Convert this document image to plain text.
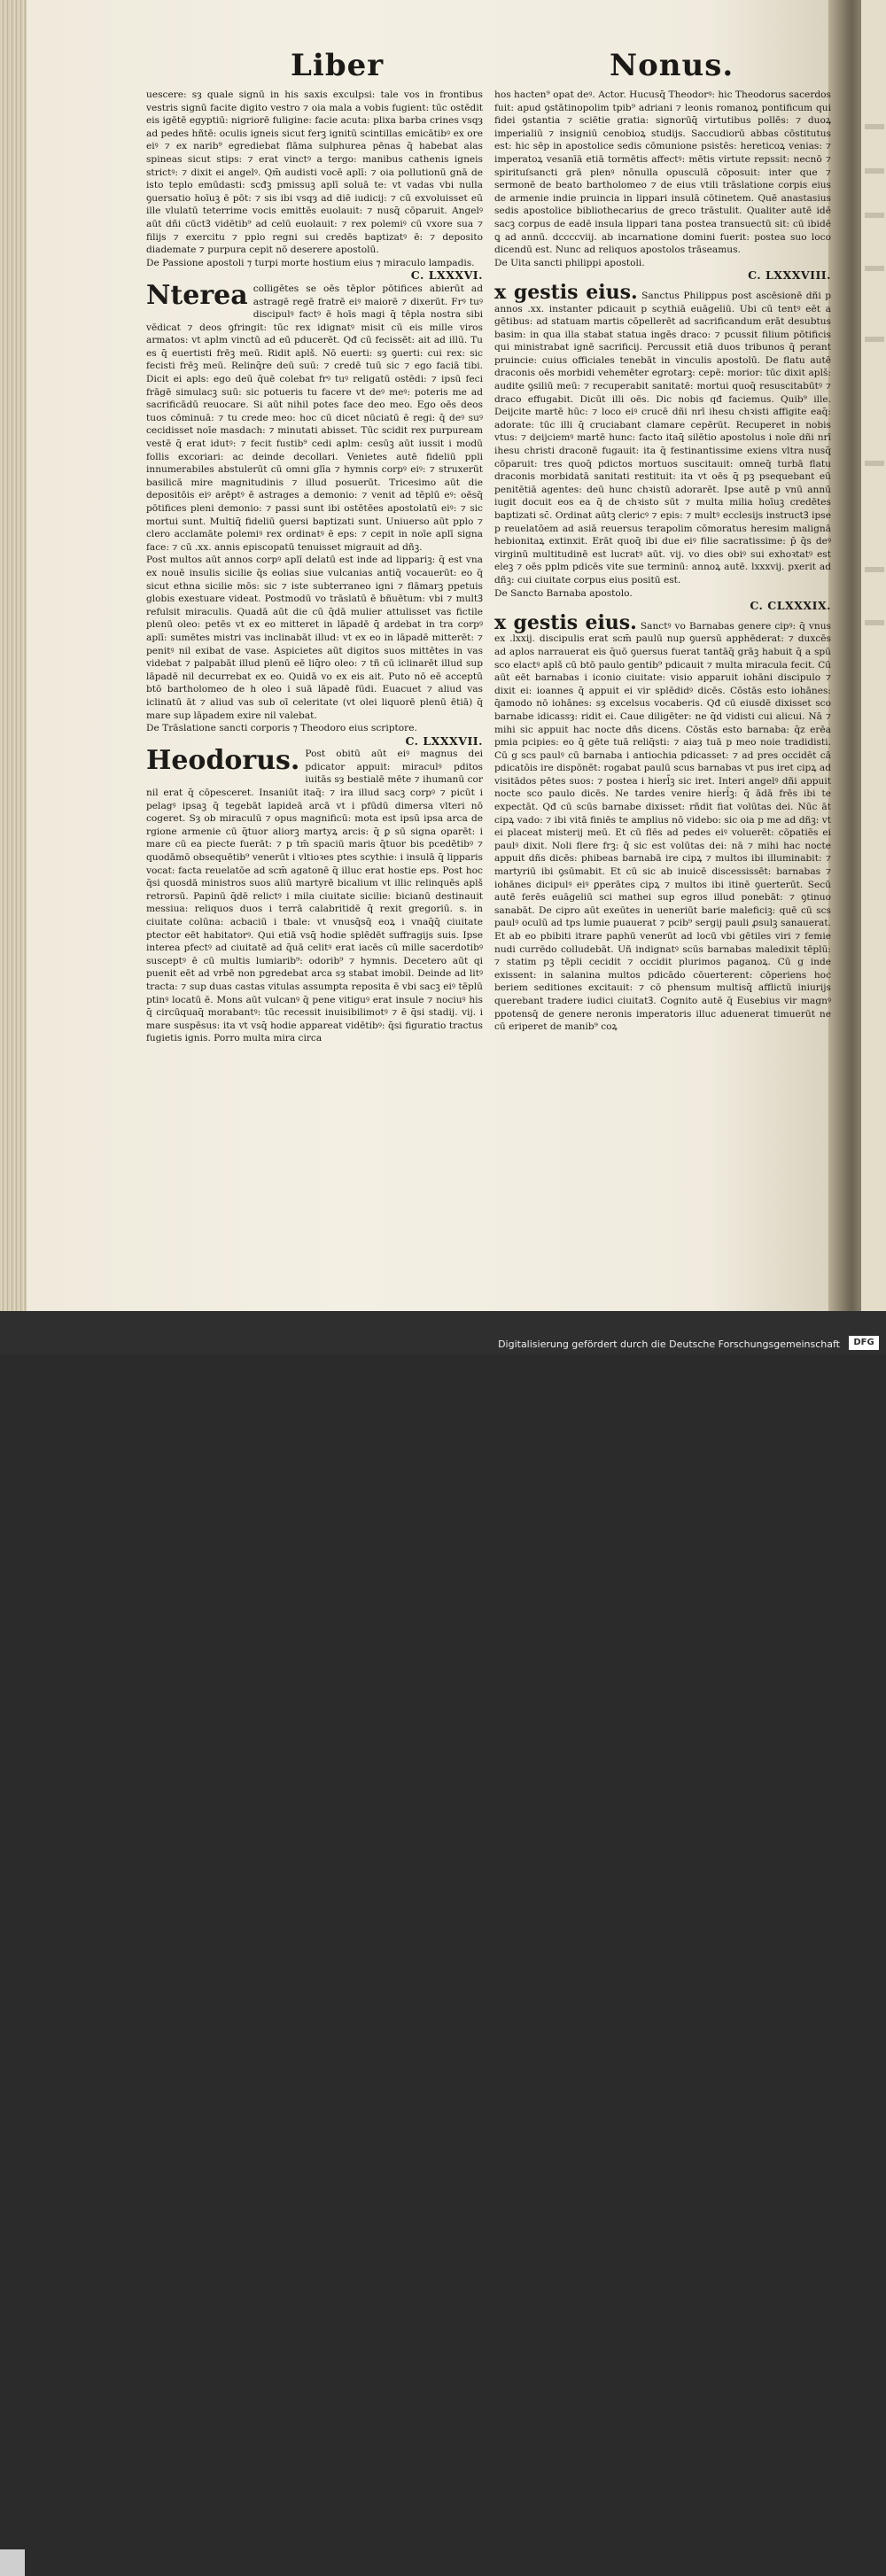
Liber	Nonus.

uescere: sȝ quale signū in his saxis exculpsi: tale vos in frontibus vestris signū facite digito vestro ⁊ oia mala a vobis fugient: tūc ostēdit eis igētē egyptiū: nigriorē fuligine: facie acuta: plixa barba crines vsqȝ ad pedes hñtē: oculis igneis sicut ferꝫ ignitū scintillas emicātibꝰ ex ore eiꝰ ⁊ ex narib⁹ egrediebat flāma sulphurea pēnas q̄ habebat alas spineas sicut stips: ⁊ erat vinctꝰ a tergo: manibus cathenis igneis strictꝰ: ⁊ dixit ei angelꝰ. Qm̄ audisti vocē aplī: ⁊ oia pollutionū gnā de isto teplo emūdasti: scđꝫ pmissuꝫ aplī soluā te: vt vadas vbi nulla ꝯuersatio hoīuꝫ ē pōt: ⁊ sis ibi vsqȝ ad diē iudicij: ⁊ cū exvoluisset eū ille vlulatū teterrime vocis emittēs euolauit: ⁊ nusq̄ cōparuit. Angelꝰ aūt dñi cūctꝪ vidētib⁹ ad celū euolauit: ⁊ rex polemiꝰ cū vxore sua ⁊ filijs ⁊ exercitu ⁊ pplo regni sui credēs baptizatꝰ ē: ⁊ deposito diademate ⁊ purpura cepit nō deserere apostolū.

De Passione apostoli ⁊ turpi morte hostium eius ⁊ miraculo lampadis.

C. LXXXVI.

Nterea colligētes se oēs tēplor pōtifices abierūt ad astragē regē fratrē eiꝰ maiorē ⁊ dixerūt. Frꝰ tuꝰ discipulꝰ factꝰ ē hoīs magi q̄ tēpla nostra sibi vēdicat ⁊ deos ꝯfringit: tūc rex idignatꝰ misit cū eis mille viros armatos: vt aplm vinctū ad eū pducerēt. Qđ cū fecissēt: ait ad illū. Tu es q̄ euertisti frēꝫ meū. Ridit aplš. Nō euerti: sȝ ꝯuerti: cui rex: sic fecisti frēꝫ meū. Relinq̄re deū suū: ⁊ credē tuū sic ⁊ ego faciā tibi. Dicit ei apls: ego deū q̄uē colebat frꝰ tuꝰ religatū ostēdi: ⁊ ipsū feci frāgē simulacꝫ suū: sic potueris tu facere vt deꝰ meꝰ: poteris me ad sacrificādū reuocare. Si aūt nihil potes face deo meo. Ego oēs deos tuos cōminuā: ⁊ tu crede meo: hoc cū dicet nūciatū ē regi: q̄ deꝰ suꝰ cecidisset noīe masdach: ⁊ minutati abisset. Tūc scidit rex purpuream vestē q̄ erat idutꝰ: ⁊ fecit fustib⁹ cedi aplm: cesūꝫ aūt iussit i modū follis excoriari: ac deinde decollari. Venietes autē fideliū ppli innumerabiles abstulerūt cū omni glīa ⁊ hymnis corpꝰ eiꝰ: ⁊ struxerūt basilicā mire magnitudinis ⁊ illud posuerūt. Tricesimo aūt die depositōis eiꝰ arēptꝰ ē astrages a demonio: ⁊ venit ad tēplū eꝰ: oēsq̄ pōtifices pleni demonio: ⁊ passi sunt ibi ostētēes apostolatū eiꝰ: ⁊ sic mortui sunt. Multiq̄ fideliū ꝯuersi baptizati sunt. Uniuerso aūt pplo ⁊ clero acclamāte polemiꝰ rex ordinatꝰ ē eps: ⁊ cepit in noīe aplī signa face: ⁊ cū .xx. annis episcopatū tenuisset migrauit ad dñꝫ.

Post multos aūt annos corpꝰ aplī delatū est inde ad lippariꝫ: q̄ est vna ex nouē insulis sicilie q̄s eolias siue vulcanias antiq̄ vocauerūt: eo q̄ sicut ethna sicilie mōs: sic ⁊ iste subterraneo igni ⁊ flāmarꝫ ppetuis globis exestuare videat. Postmodū vo trāslatū ē bñuētum: vbi ⁊ multꝪ refulsit miraculis. Quadā aūt die cū q̄dā mulier attulisset vas fictile plenū oleo: petēs vt ex eo mitteret in lāpadē q̄ ardebat in tra corpꝰ aplī: sumētes mistri vas inclinabāt illud: vt ex eo in lāpadē mitterēt: ⁊ penitꝰ nil exibat de vase. Aspicietes aūt digitos suos mittētes in vas videbat ⁊ palpabāt illud plenū eē liq̄ro oleo: ⁊ tñ cū iclinarēt illud sup lāpadē nil decurrebat ex eo. Quidā vo ex eis ait. Puto nō eē acceptū btō bartholomeo de h oleo i suā lāpadē fūdi. Euacuet ⁊ aliud vas iclinatū āt ⁊ aliud vas sub oī celeritate (vt olei liquorē plenū ētiā) q̄ mare sup lāpadem exire nil valebat.

De Trāslatione sancti corporis ⁊ Theodoro eius scriptore.

C. LXXXVII.

Heodorus. Post obitū aūt eiꝰ magnus dei pdicator appuit: miraculꝰ pditos iuitās sȝ bestialē mēte ⁊ ihumanū cor nil erat q̄ cōpesceret. Insaniūt itaq̄: ⁊ ira illud sacꝫ corpꝰ ⁊ picūt i pelagꝰ ipsaꝫ q̄ tegebāt lapideā arcā vt i pfūdū dimersa vlteri nō cogeret. Sȝ ob miraculū ⁊ opus magnificū: mota est ipsū ipsa arca de rgione armenie cū q̄tuor aliorꝫ martyꝝ arcis: q̄ ꝑ sū signa oparēt: i mare cū ea piecte fuerāt: ⁊ p tm̄ spaciū maris q̄tuor bis pcedētibꝰ ⁊ quodāmō obsequētib⁹ venerūt i vltioꝛes ptes scythie: i insulā q̄ lipparis vocat: facta reuelatōe ad scm̄ agatonē q̄ illuc erat hostie eps. Post hoc q̄si quosdā ministros suos aliū martyrē bicalium vt illic relinquēs aplš retrorsū. Papinū q̄dē relictꝰ i mila ciuitate sicilie: bicianū destinauit messiua: reliquos duos i terrā calabritidē q̄ rexit gregoriū. s. in ciuitate colūna: acbaciū i tbale: vt vnusq̄sq̄ eoꝝ i vnaq̄q̄ ciuitate ptector eēt habitatorꝰ. Qui etiā vsq̄ hodie splēdēt suffragijs suis. Ipse interea pfectꝰ ad ciuitatē ad q̄uā celitꝰ erat iacēs cū mille sacerdotibꝰ susceptꝰ ē cū multis lumiarib⁹: odorib⁹ ⁊ hymnis. Decetero aūt qi puenit eēt ad vrbē non pgredebat arca sȝ stabat imobil. Deinde ad litꝰ tracta: ⁊ sup duas castas vitulas assumpta reposita ē vbi sacꝫ eiꝰ tēplū ptinꝰ locatū ē. Mons aūt vulcanꝰ q̄ pene vitiguꝰ erat insule ⁊ nociuꝰ his q̄ circūquaq̄ morabantꝰ: tūc recessit inuisibilimotꝰ ⁊ ē q̄si stadij. vij. i mare suspēsus: ita vt vsq̄ hodie appareat vidētibꝰ: q̄si figuratio tractus fugietis ignis. Porro multa mira circa

hos hacten⁹ opat deꝰ. Actor. Hucusq̄ Theodorꝰ: hic Theodorus sacerdos fuit: apud ꝯstātinopolim tpib⁹ adriani ⁊ leonis romanoꝝ pontificum qui fidei ꝯstantia ⁊ sciētie gratia: signorūq̄ virtutibus pollēs: ⁊ duoꝝ imperialiū ⁊ insigniū cenobioꝝ studijs. Saccudiorū abbas cōstitutus est: hic sēp in apostolice sedis cōmunione psistēs: hereticoꝝ venias: ⁊ imperatoꝝ vesanīā etiā tormētis affectꝰ: mētis virtute repssit: necnō ⁊ spirituſsancti grā plenꝰ nōnulla opusculā cōposuit: inter que ⁊ sermonē de beato bartholomeo ⁊ de eius vtili trāslatione corpis eius de armenie indie pruincia in lippari insulā cōtinetem. Quē anastasius sedis apostolice bibliothecarius de greco trāstulit. Qualiter autē idē sacꝫ corpus de eadē insula lippari tana postea transuectū sit: cū ibidē ꝗ ad annū. dccccviij. ab incarnatione domini fuerit: postea suo loco dicendū est. Nunc ad reliquos apostolos trāseamus.

De Uita sancti philippi apostoli.

C. LXXXVIII.

x gestis eius. Sanctus Philippus post ascēsionē dñi p annos .xx. instanter pdicauit p scythiā euāgeliū. Ubi cū tentꝰ eēt a gētibus: ad statuam martis cōpellerēt ad sacrificandum erāt desubtus basim: in qua illa stabat statua ingēs draco: ⁊ pcussit filium pōtificis qui ministrabat ignē sacrificij. Percussit etiā duos tribunos q̄ perant pruincie: cuius officiales tenebāt in vinculis apostolū. De flatu autē draconis oēs morbidi vehemēter egrotarꝫ: cepē: morior: tūc dixit aplš: audite ꝯsiliū meū: ⁊ recuperabit sanitatē: mortui quoq̄ resuscitabūtꝰ ⁊ draco effugabit. Dicūt illi oēs. Dic nobis qđ faciemus. Quib⁹ ille. Deijcite martē hūc: ⁊ loco eiꝰ crucē dñi nrī ihesu chꝛisti affigite eaq̄: adorate: tūc illi q̄ cruciabant clamare cepērūt. Recuperet in nobis vtus: ⁊ deijciemꝰ martē hunc: facto itaq̄ silētio apostolus i noīe dñi nrī ihesu christi draconē fugauit: ita q̄ festinantissime exiens vltra nusq̄ cōparuit: tres quoq̄ pdictos mortuos suscitauit: omneq̄ turbā flatu draconis morbidatā sanitati restituit: ita vt oēs q̄ pꝫ psequebant eū penitētiā agentes: deū hunc chꝛistū adorarēt. Ipse autē p vnū annū iugit docuit eos ea q̄ de chꝛisto sūt ⁊ multa milia hoīuꝫ credētes baptizati sc̄. Ordinat aūtꝫ clericꝰ ⁊ epis: ⁊ multꝰ ecclesijs instructꝪ ipse p reuelatōem ad asiā reuersus terapolim cōmoratus heresim malignā hebionitaꝝ extinxit. Erāt quoq̄ ibi due eiꝰ filie sacratissime: p̄ q̄s deꝰ virginū multitudinē est lucratꝰ aūt. vij. vo dies obiꝰ sui exhoꝛtatꝰ est eleꝫ ⁊ oēs pplm pdicēs vite sue terminū: annoꝝ autē. lxxxvij. pxerit ad dñꝫ: cui ciuitate corpus eius positū est.

De Sancto Barnaba apostolo.

C. CLXXXIX.

x gestis eius. Sanctꝰ vo Barnabas genere cipꝰ: q̄ vnus ex .lxxij. discipulis erat scm̄ paulū nup ꝯuersū apphēderat: ⁊ duxcēs ad aplos narrauerat eis q̄uō ꝯuersus fuerat tantāq̄ grāꝫ habuit q̄ a spū sco elactꝰ aplš cū btō paulo gentib⁹ pdicauit ⁊ multa miracula fecit. Cū aūt eēt barnabas i iconio ciuitate: visio apparuit iohāni discipulo ⁊ dixit ei: ioannes q̄ appuit ei vir splēdidꝰ dicēs. Cōstās esto iohānes: q̄amodo nō iohānes: sȝ excelsus vocaberis. Qđ cū eiusdē dixisset sco barnabe idicassȝ: ridit ei. Caue diligēter: ne q̄d vidisti cui alicui. Nā ⁊ mihi sic appuit hac nocte dñs dicens. Cōstās esto barnaba: q̄z erēa pmia pcipies: eo q̄ gēte tuā reliq̄sti: ⁊ aiaȝ tuā p meo noie tradidisti. Cū g scs paulꝰ cū barnaba i antiochia pdicasset: ⁊ ad pres occidēt cā pdicatōis ire dispōnēt: rogabat paulū scus barnabas vt pus iret cipꝝ ad visitādos pētes suos: ⁊ postea i hierl̄ꝫ sic iret. Interi angelꝰ dñi appuit nocte sco paulo dicēs. Ne tardes venire hierl̄ꝫ: q̄ ādā frēs ibi te expectāt. Qđ cū scūs barnabe dixisset: rñdit fiat volūtas dei. Nūc āt cipꝝ vado: ⁊ ibi vitā finiēs te amplius nō videbo: sic oia p me ad dñꝫ: vt ei placeat misterij meū. Et cū flēs ad pedes eiꝰ voluerēt: cōpatiēs ei paulꝰ dixit. Noli flere frꝫ: q̄ sic est volūtas dei: nā ⁊ mihi hac nocte appuit dñs dicēs: phibeas barnabā ire cipꝝ ⁊ multos ibi illuminabit: ⁊ martyriū ibi ꝯsūmabit. Et cū sic ab inuicē discessissēt: barnabas ⁊ iohānes dicipulꝰ eiꝰ ꝑperātes cipꝝ ⁊ multos ibi itinē ꝯuerterūt. Secū autē ferēs euāgeliū sci mathei sup egros illud ponebāt: ⁊ ꝯtinuo sanabāt. De cipro aūt exeūtes in ueneriūt barie maleficiꝫ: quē cū scs paulꝰ oculū ad tps lumie puauerat ⁊ pcib⁹ sergij pauli ꝓsulꝫ sanauerat. Et ab eo pbibiti itrare paphū venerūt ad locū vbi gētiles viri ⁊ femie nudi currēdo colludebāt. Uñ indignatꝰ scūs barnabas maledixit tēplū: ⁊ statim pꝫ tēpli cecidit ⁊ occidit plurimos paganoꝝ. Cū g inde exissent: in salanina multos pdicādo cōuerterent: cōperiens hoc beriem seditiones excitauit: ⁊ cō phensum multisq̄ afflictū iniurijs querebant tradere iudici ciuitatꝪ. Cognito autē q̄ Eusebius vir magnꝰ ppotensq̄ de genere neronis imperatoris illuc aduenerat timuerūt ne cū eriperet de manib⁹ coꝝ

Digitalisierung gefördert durch die Deutsche Forschungsgemeinschaft	DFG
